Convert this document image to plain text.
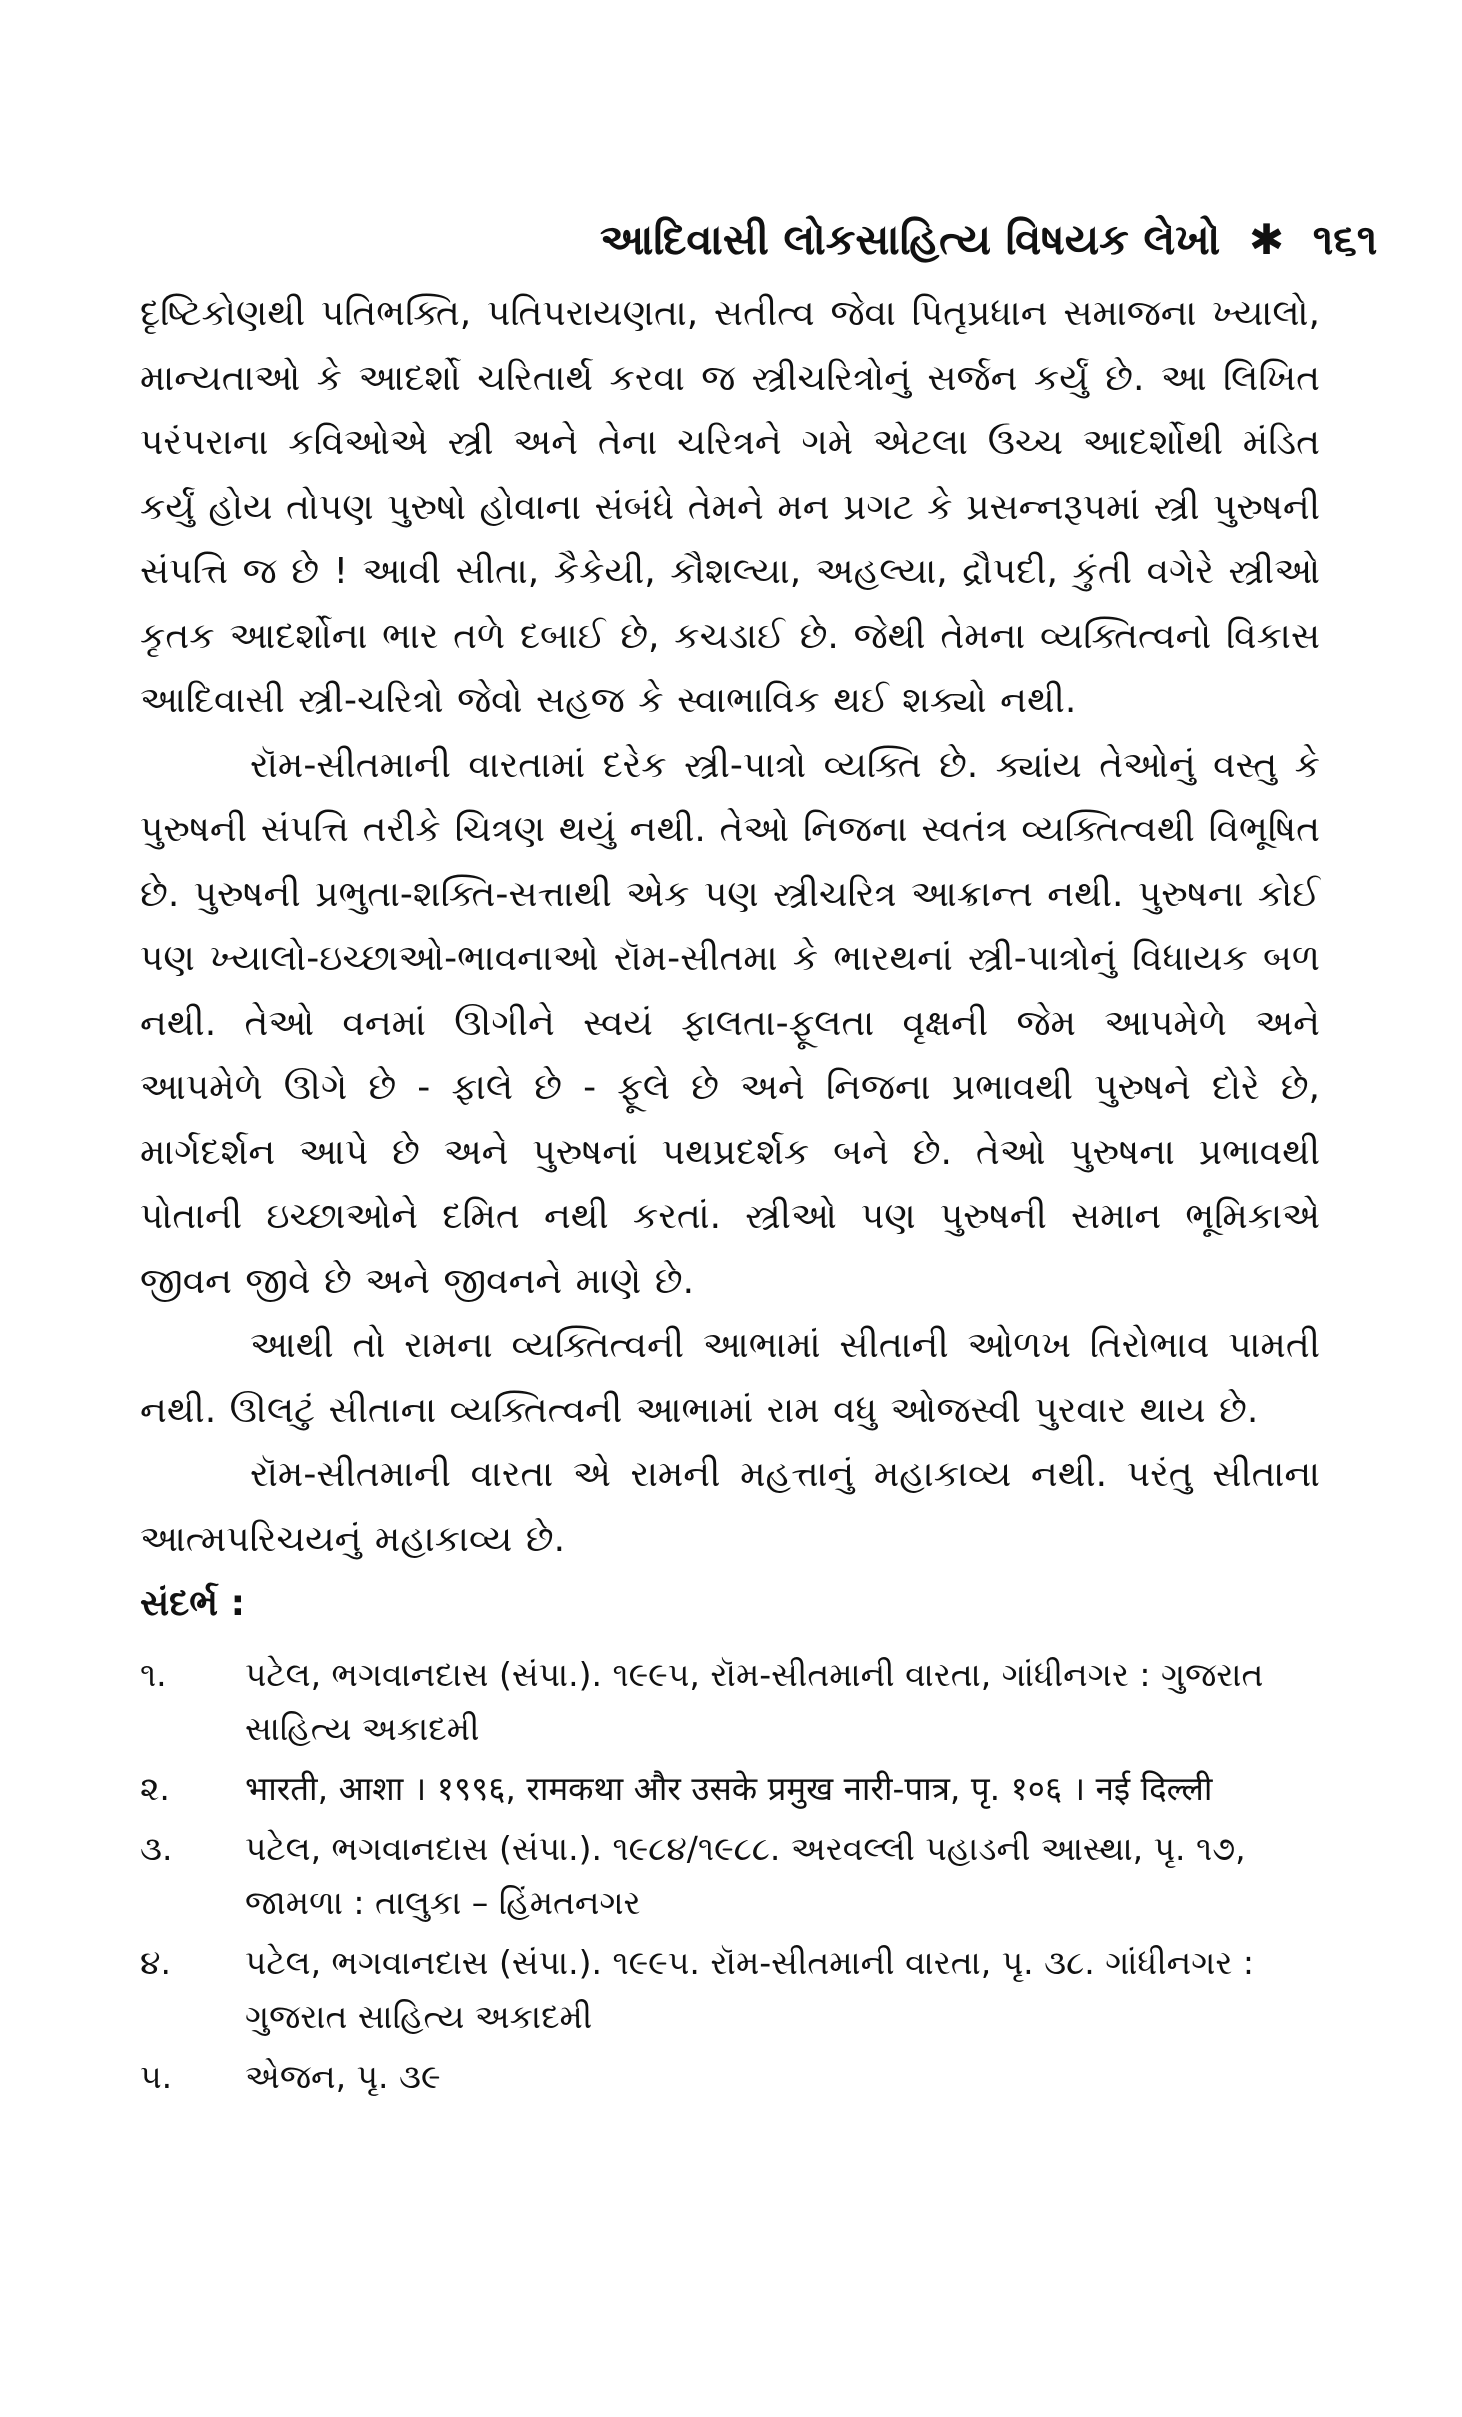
આદિવાસી લોકસાહિત્ય વિષયક લેખો ✱ ૧૬૧

દૃષ્ટિકોણથી પતિભક્તિ, પતિપરાયણતા, સતીત્વ જેવા પિતૃપ્રધાન સમાજના ખ્યાલો, માન્યતાઓ કે આદર્શો ચરિતાર્થ કરવા જ સ્ત્રીચરિત્રોનું સર્જન કર્યું છે. આ લિખિત પરંપરાના કવિઓએ સ્ત્રી અને તેના ચરિત્રને ગમે એટલા ઉચ્ચ આદર્શોથી મંડિત કર્યું હોય તોપણ પુરુષો હોવાના સંબંધે તેમને મન પ્રગટ કે પ્રસન્નરૂપમાં સ્ત્રી પુરુષની સંપત્તિ જ છે ! આવી સીતા, કૈકેયી, કૌશલ્યા, અહલ્યા, દ્રૌપદી, કુંતી વગેરે સ્ત્રીઓ કૃતક આદર્શોના ભાર તળે દબાઈ છે, કચડાઈ છે. જેથી તેમના વ્યક્તિત્વનો વિકાસ આદિવાસી સ્ત્રી-ચરિત્રો જેવો સહજ કે સ્વાભાવિક થઈ શક્યો નથી.

રૉમ-સીતમાની વારતામાં દરેક સ્ત્રી-પાત્રો વ્યક્તિ છે. ક્યાંય તેઓનું વસ્તુ કે પુરુષની સંપત્તિ તરીકે ચિત્રણ થયું નથી. તેઓ નિજના સ્વતંત્ર વ્યક્તિત્વથી વિભૂષિત છે. પુરુષની પ્રભુતા-શક્તિ-સત્તાથી એક પણ સ્ત્રીચરિત્ર આક્રાન્ત નથી. પુરુષના કોઈ પણ ખ્યાલો-ઇચ્છાઓ-ભાવનાઓ રૉમ-સીતમા કે ભારથનાં સ્ત્રી-પાત્રોનું વિધાયક બળ નથી. તેઓ વનમાં ઊગીને સ્વયં ફાલતા-ફૂલતા વૃક્ષની જેમ આપમેળે અને આપમેળે ઊગે છે - ફાલે છે - ફૂલે છે અને નિજના પ્રભાવથી પુરુષને દોરે છે, માર્ગદર્શન આપે છે અને પુરુષનાં પથપ્રદર્શક બને છે. તેઓ પુરુષના પ્રભાવથી પોતાની ઇચ્છાઓને દમિત નથી કરતાં. સ્ત્રીઓ પણ પુરુષની સમાન ભૂમિકાએ જીવન જીવે છે અને જીવનને માણે છે.

આથી તો રામના વ્યક્તિત્વની આભામાં સીતાની ઓળખ તિરોભાવ પામતી નથી. ઊલટું સીતાના વ્યક્તિત્વની આભામાં રામ વધુ ઓજસ્વી પુરવાર થાય છે.

રૉમ-સીતમાની વારતા એ રામની મહત્તાનું મહાકાવ્ય નથી. પરંતુ સીતાના આત્મપરિચયનું મહાકાવ્ય છે.

સંદર્ભ :

૧.	પટેલ, ભગવાનદાસ (સંપા.). ૧૯૯૫, રૉમ-સીતમાની વારતા, ગાંધીનગર : ગુજરાત સાહિત્ય અકાદમી
૨.	भारती, आशा । १९९६, रामकथा और उसके प्रमुख नारी-पात्र, पृ. १०६ । नई दिल्ली
૩.	પટેલ, ભગવાનદાસ (સંપા.). ૧૯૮૪/૧૯૮૮. અરવલ્લી પહાડની આસ્થા, પૃ. ૧૭, જામળા : તાલુકા – હિંમતનગર
૪.	પટેલ, ભગવાનદાસ (સંપા.). ૧૯૯૫. રૉમ-સીતમાની વારતા, પૃ. ૩૮. ગાંધીનગર : ગુજરાત સાહિત્ય અકાદમી
૫.	એજન, પૃ. ૩૯
